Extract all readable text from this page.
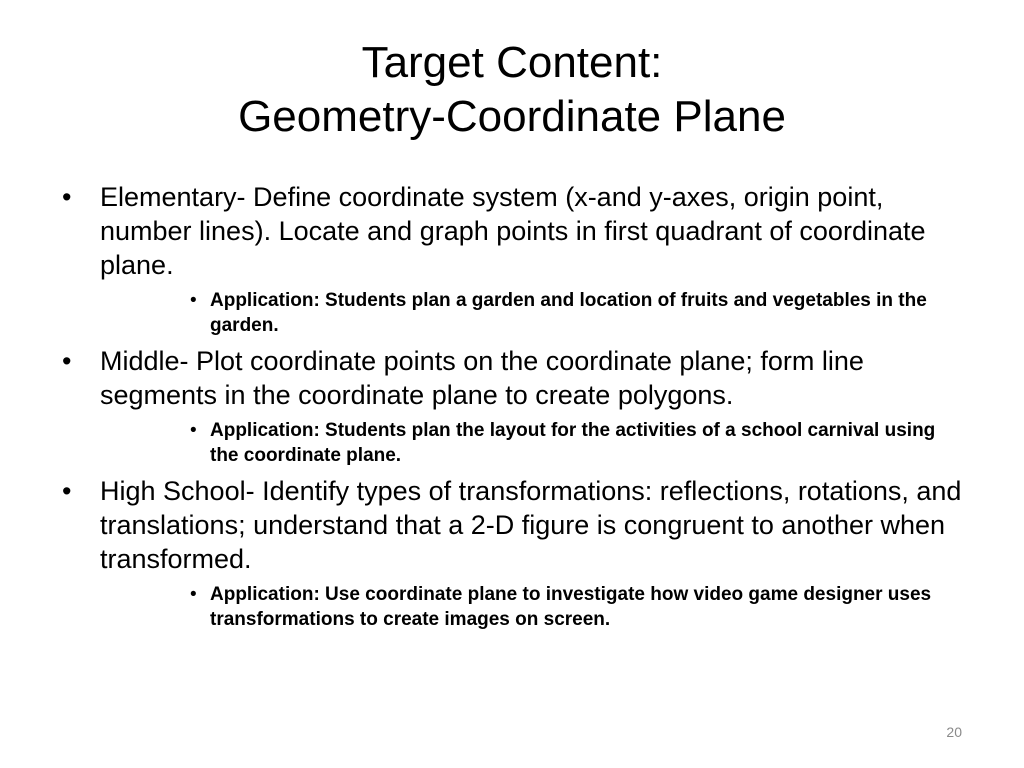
Target Content:
Geometry-Coordinate Plane

• Elementary- Define coordinate system (x-and y-axes, origin point, number lines). Locate and graph points in first quadrant of coordinate plane.

• Application: Students plan a garden and location of fruits and vegetables in the garden.

• Middle- Plot coordinate points on the coordinate plane; form line segments in the coordinate plane to create polygons.

• Application: Students plan the layout for the activities of a school carnival using the coordinate plane.

• High School- Identify types of transformations: reflections, rotations, and translations; understand that a 2-D figure is congruent to another when transformed.

• Application: Use coordinate plane to investigate how video game designer uses transformations to create images on screen.
20
